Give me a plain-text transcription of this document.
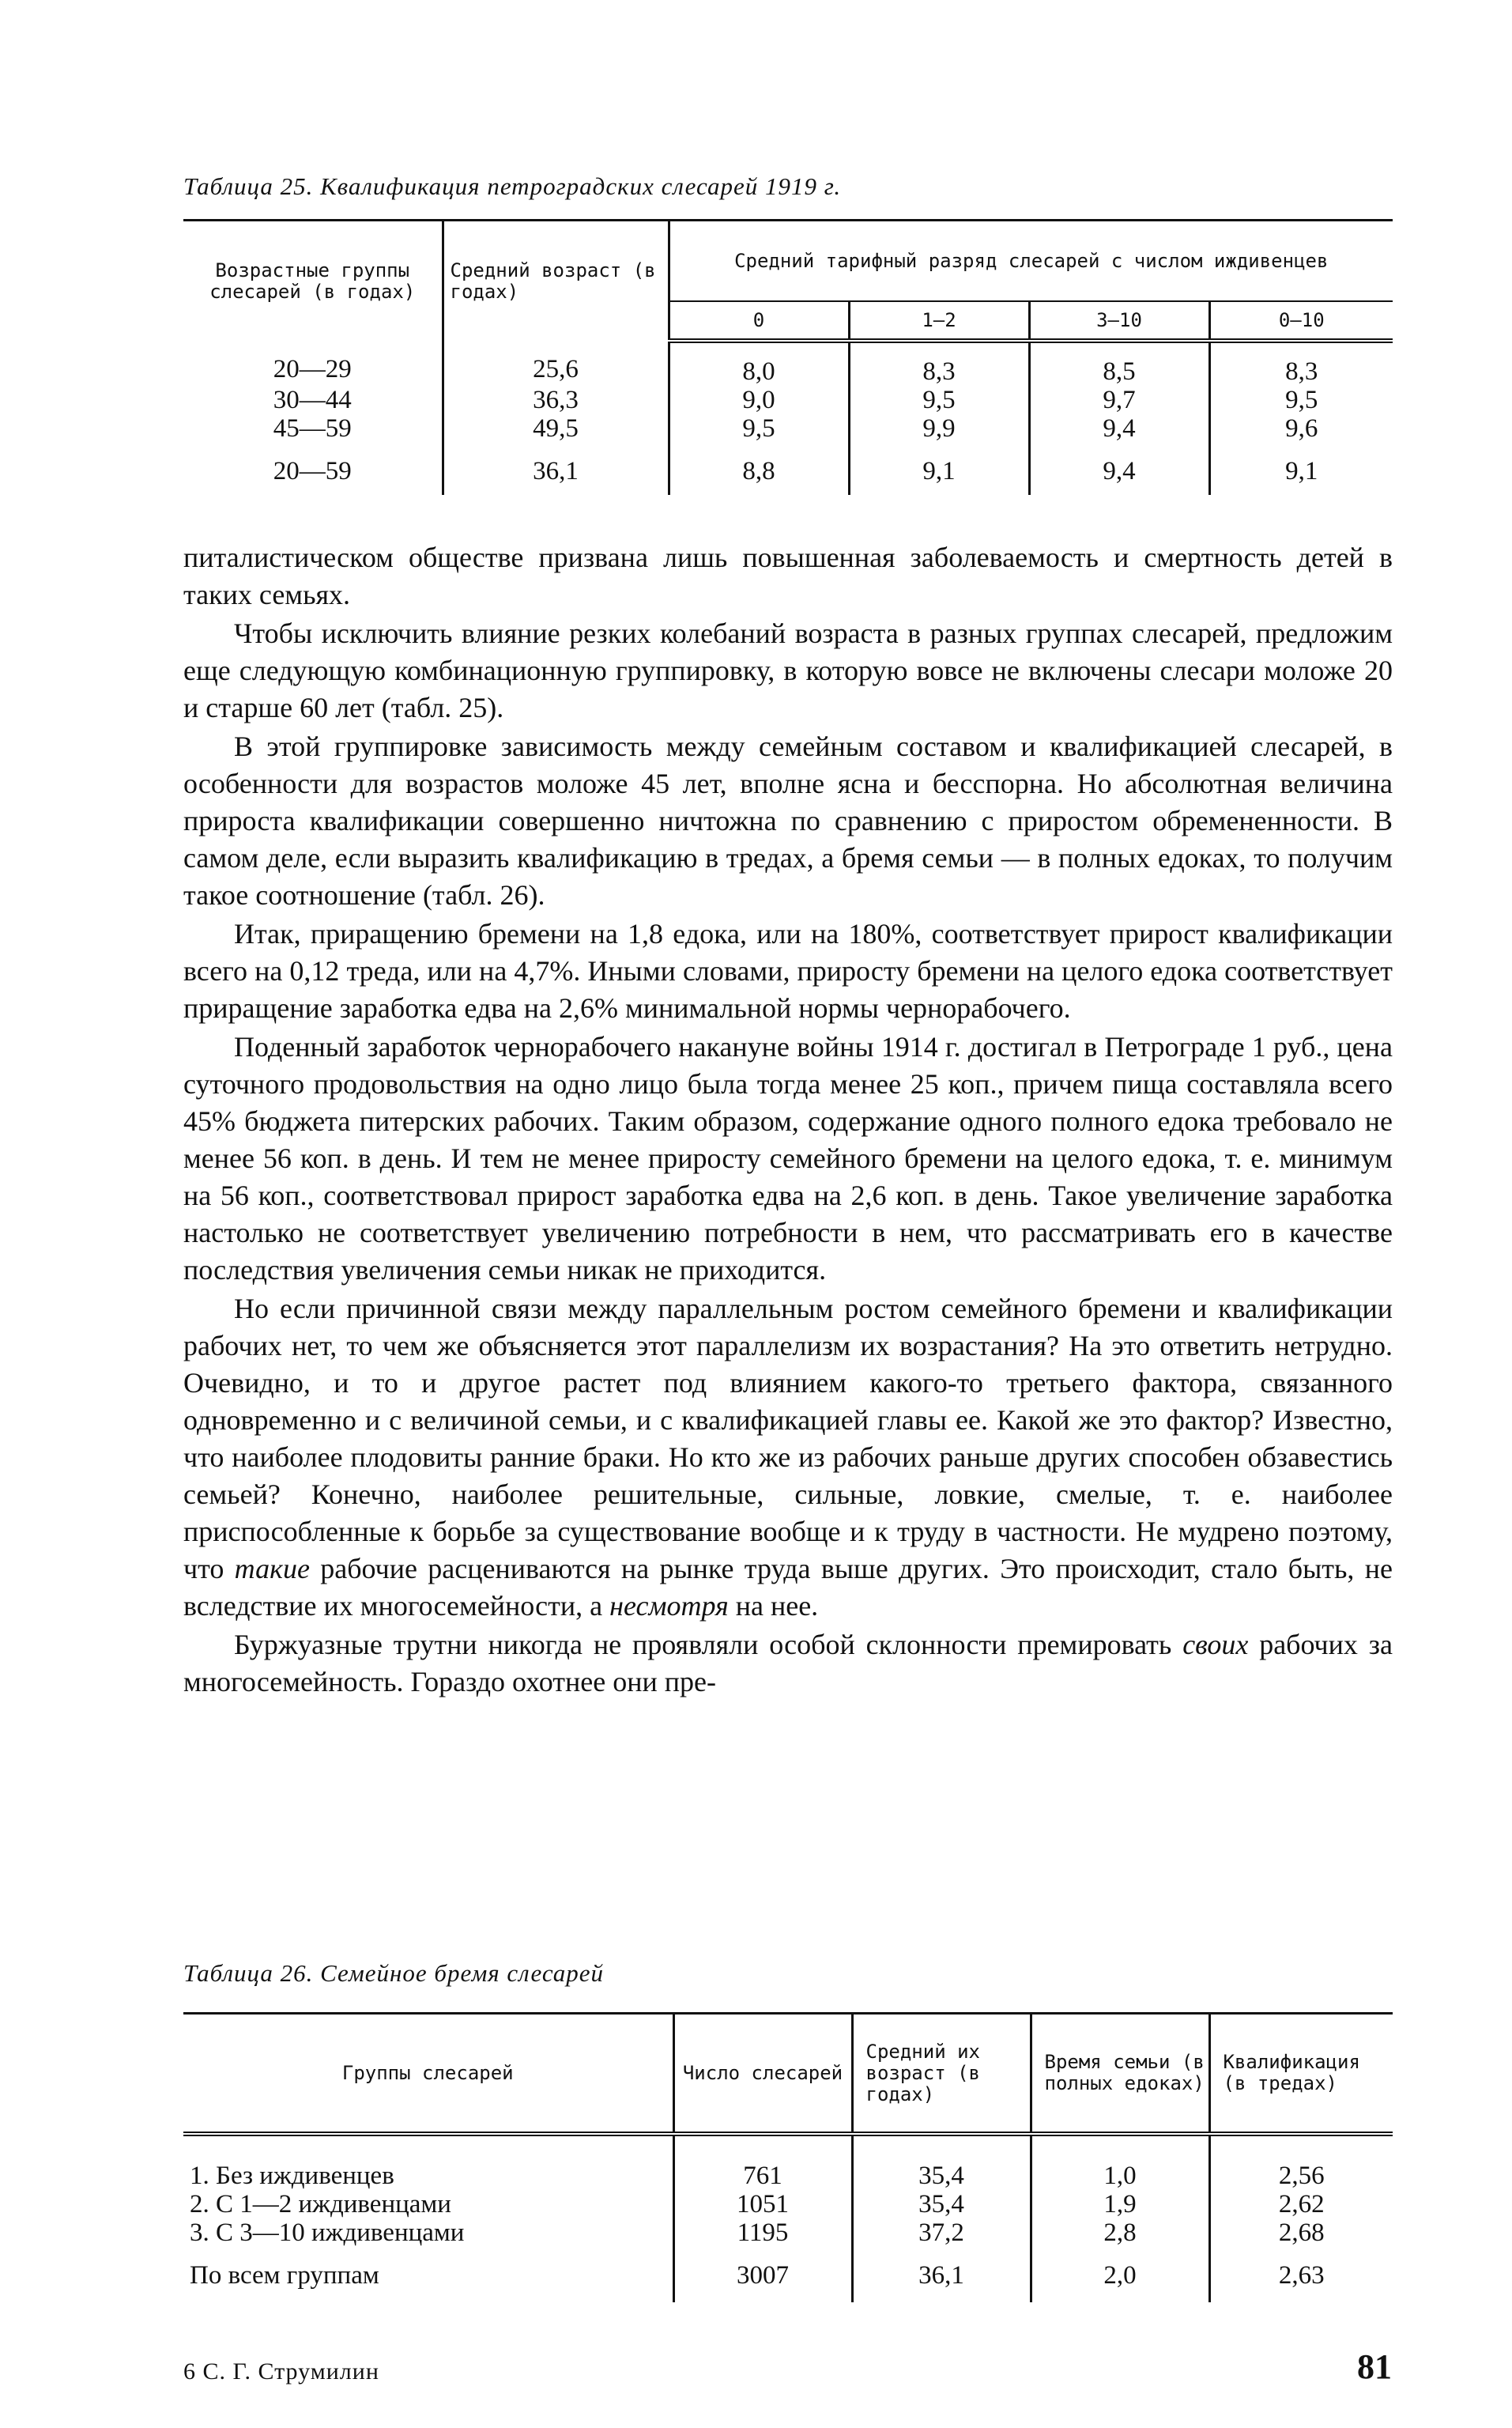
Таблица 25. Квалификация петроградских слесарей 1919 г.
Возрастные группы слесарей (в годах)	Средний возраст (в годах)	Средний тарифный разряд слесарей с числом иждивенцев			
		0	1—2	3—10	0—10
20—29	25,6	8,0	8,3	8,5	8,3
30—44	36,3	9,0	9,5	9,7	9,5
45—59	49,5	9,5	9,9	9,4	9,6
20—59	36,1	8,8	9,1	9,4	9,1

питалистическом обществе призвана лишь повышенная заболеваемость и смертность детей в таких семьях.

Чтобы исключить влияние резких колебаний возраста в разных группах слесарей, предложим еще следующую комбинационную группировку, в которую вовсе не включены слесари моложе 20 и старше 60 лет (табл. 25).

В этой группировке зависимость между семейным составом и квалификацией слесарей, в особенности для возрастов моложе 45 лет, вполне ясна и бесспорна. Но абсолютная величина прироста квалификации совершенно ничтожна по сравнению с приростом обремененности. В самом деле, если выразить квалификацию в тредах, а бремя семьи — в полных едоках, то получим такое соотношение (табл. 26).

Итак, приращению бремени на 1,8 едока, или на 180%, соответствует прирост квалификации всего на 0,12 треда, или на 4,7%. Иными словами, приросту бремени на целого едока соответствует приращение заработка едва на 2,6% минимальной нормы чернорабочего.

Поденный заработок чернорабочего накануне войны 1914 г. достигал в Петрограде 1 руб., цена суточного продовольствия на одно лицо была тогда менее 25 коп., причем пища составляла всего 45% бюджета питерских рабочих. Таким образом, содержание одного полного едока требовало не менее 56 коп. в день. И тем не менее приросту семейного бремени на целого едока, т. е. минимум на 56 коп., соответствовал прирост заработка едва на 2,6 коп. в день. Такое увеличение заработка настолько не соответствует увеличению потребности в нем, что рассматривать его в качестве последствия увеличения семьи никак не приходится.

Но если причинной связи между параллельным ростом семейного бремени и квалификации рабочих нет, то чем же объясняется этот параллелизм их возрастания? На это ответить нетрудно. Очевидно, и то и другое растет под влиянием какого-то третьего фактора, связанного одновременно и с величиной семьи, и с квалификацией главы ее. Какой же это фактор? Известно, что наиболее плодовиты ранние браки. Но кто же из рабочих раньше других способен обзавестись семьей? Конечно, наиболее решительные, сильные, ловкие, смелые, т. е. наиболее приспособленные к борьбе за существование вообще и к труду в частности. Не мудрено поэтому, что такие рабочие расцениваются на рынке труда выше других. Это происходит, стало быть, не вследствие их многосемейности, а несмотря на нее.

Буржуазные трутни никогда не проявляли особой склонности премировать своих рабочих за многосемейность. Гораздо охотнее они пре-

Таблица 26. Семейное бремя слесарей
Группы слесарей	Число слесарей	Средний их возраст (в годах)	Время семьи (в полных едоках)	Квалификация (в тредах)
1. Без иждивенцев	761	35,4	1,0	2,56
2. С 1—2 иждивенцами	1051	35,4	1,9	2,62
3. С 3—10 иждивенцами	1195	37,2	2,8	2,68
По всем группам	3007	36,1	2,0	2,63
6 С. Г. Струмилин	81
